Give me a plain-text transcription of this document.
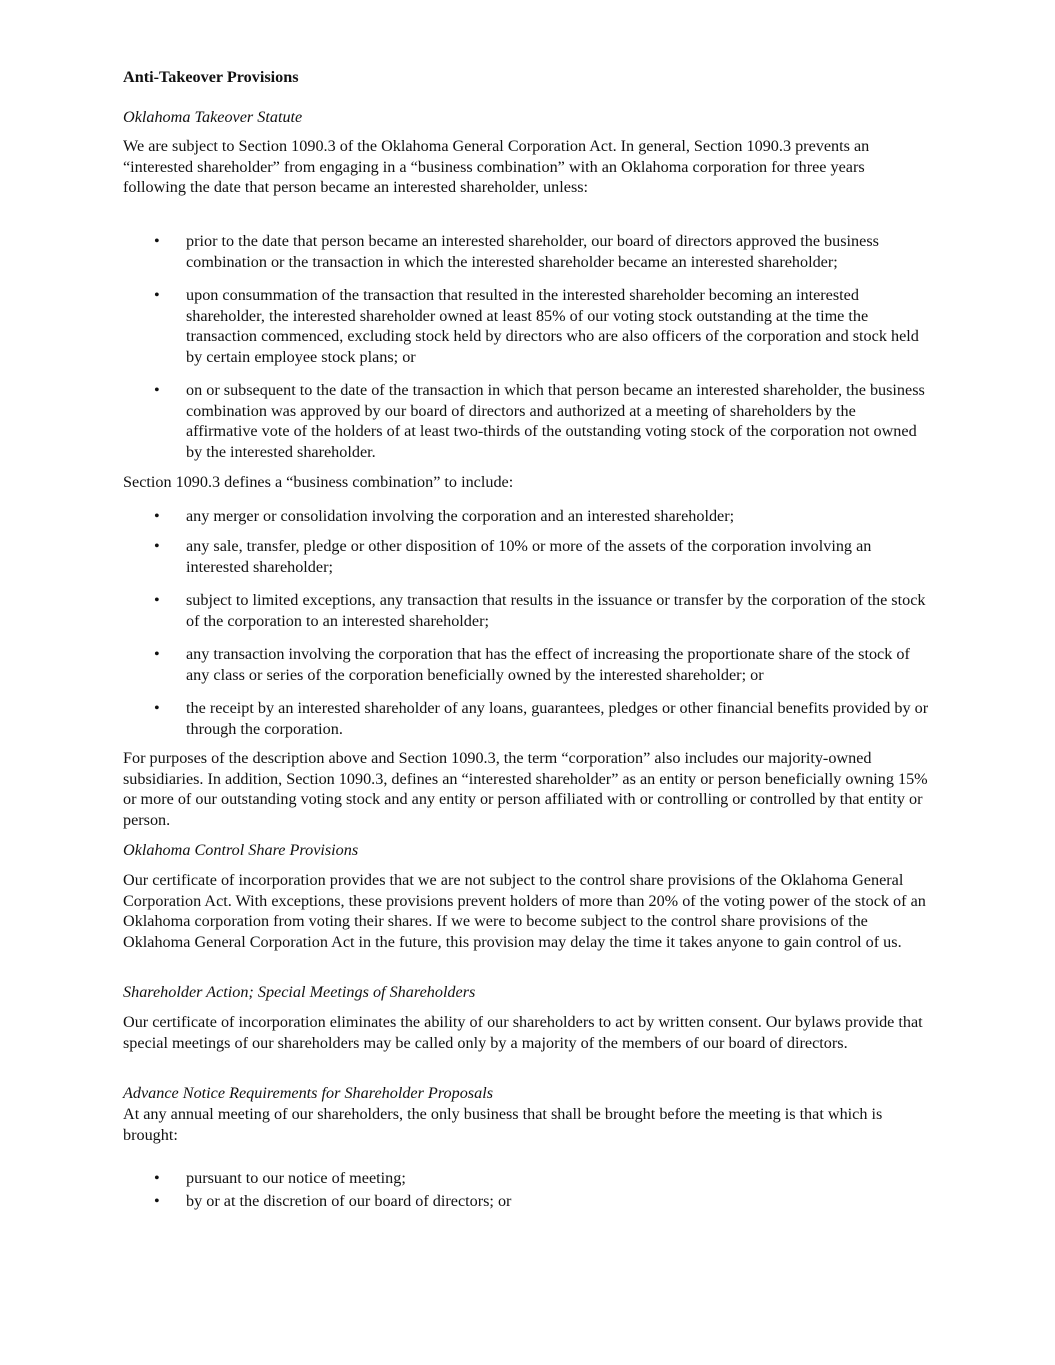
Anti-Takeover Provisions

Oklahoma Takeover Statute

We are subject to Section 1090.3 of the Oklahoma General Corporation Act. In general, Section 1090.3 prevents an “interested shareholder” from engaging in a “business combination” with an Oklahoma corporation for three years following the date that person became an interested shareholder, unless:

• prior to the date that person became an interested shareholder, our board of directors approved the business combination or the transaction in which the interested shareholder became an interested shareholder;
• upon consummation of the transaction that resulted in the interested shareholder becoming an interested shareholder, the interested shareholder owned at least 85% of our voting stock outstanding at the time the transaction commenced, excluding stock held by directors who are also officers of the corporation and stock held by certain employee stock plans; or
• on or subsequent to the date of the transaction in which that person became an interested shareholder, the business combination was approved by our board of directors and authorized at a meeting of shareholders by the affirmative vote of the holders of at least two-thirds of the outstanding voting stock of the corporation not owned by the interested shareholder.

Section 1090.3 defines a “business combination” to include:

• any merger or consolidation involving the corporation and an interested shareholder;
• any sale, transfer, pledge or other disposition of 10% or more of the assets of the corporation involving an interested shareholder;
• subject to limited exceptions, any transaction that results in the issuance or transfer by the corporation of the stock of the corporation to an interested shareholder;
• any transaction involving the corporation that has the effect of increasing the proportionate share of the stock of any class or series of the corporation beneficially owned by the interested shareholder; or
• the receipt by an interested shareholder of any loans, guarantees, pledges or other financial benefits provided by or through the corporation.

For purposes of the description above and Section 1090.3, the term “corporation” also includes our majority-owned subsidiaries. In addition, Section 1090.3, defines an “interested shareholder” as an entity or person beneficially owning 15% or more of our outstanding voting stock and any entity or person affiliated with or controlling or controlled by that entity or person.

Oklahoma Control Share Provisions

Our certificate of incorporation provides that we are not subject to the control share provisions of the Oklahoma General Corporation Act. With exceptions, these provisions prevent holders of more than 20% of the voting power of the stock of an Oklahoma corporation from voting their shares. If we were to become subject to the control share provisions of the Oklahoma General Corporation Act in the future, this provision may delay the time it takes anyone to gain control of us.

Shareholder Action; Special Meetings of Shareholders

Our certificate of incorporation eliminates the ability of our shareholders to act by written consent. Our bylaws provide that special meetings of our shareholders may be called only by a majority of the members of our board of directors.

Advance Notice Requirements for Shareholder Proposals

At any annual meeting of our shareholders, the only business that shall be brought before the meeting is that which is brought:

• pursuant to our notice of meeting;
• by or at the discretion of our board of directors; or
